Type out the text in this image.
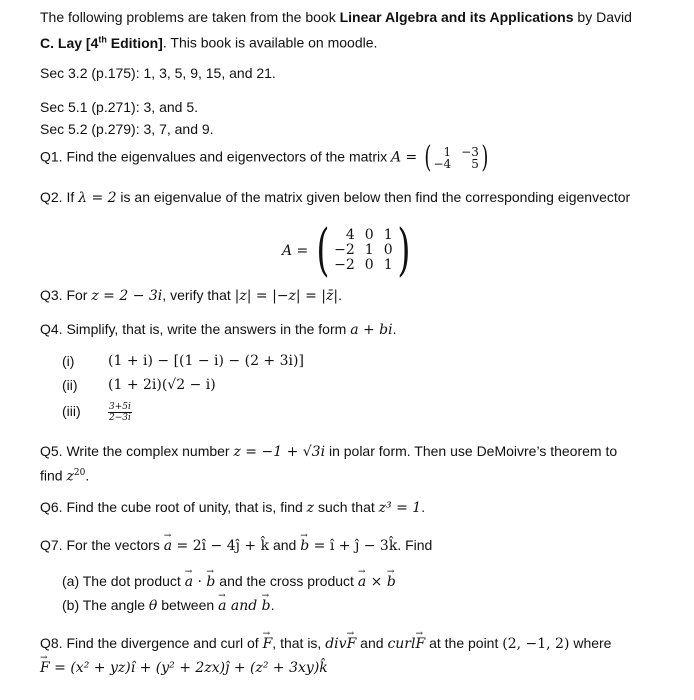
The following problems are taken from the book Linear Algebra and its Applications by David
C. Lay [4th Edition]. This book is available on moodle.
Sec 3.2 (p.175): 1, 3, 5, 9, 15, and 21.
Sec 5.1 (p.271): 3, and 5.
Sec 5.2 (p.279): 3, 7, and 9.
Q1. Find the eigenvalues and eigenvectors of the matrix A = (	1 −3
−4	5 )
Q2. If λ = 2 is an eigenvalue of the matrix given below then find the corresponding eigenvector
A = (	4 0 1
−2 1 0
−2 0 1 )
Q3. For z = 2 − 3i, verify that |z| = |−z| = |z̄|.
Q4. Simplify, that is, write the answers in the form a + bi.
(i)	(1 + i) − [(1 − i) − (2 + 3i)]
(ii)	(1 + 2i)(√2 − i)
(iii)	$\frac{3+5i}{2-3i}$
Q5. Write the complex number z = −1 + √3i in polar form. Then use DeMoivre’s theorem to
find $z^{20}$.
Q6. Find the cube root of unity, that is, find z such that z³ = 1.
Q7. For the vectors → a = 2î − 4ĵ + k̂ and → b = î + ĵ − 3k̂. Find
(a) The dot product → a · → b and the cross product → a × → b
(b) The angle θ between → a and → b.
Q8. Find the divergence and curl of → F, that is, div→ F and curl→ F at the point (2, −1, 2) where
→ F = (x² + yz)î + (y² + 2zx)ĵ + (z² + 3xy)k̂
